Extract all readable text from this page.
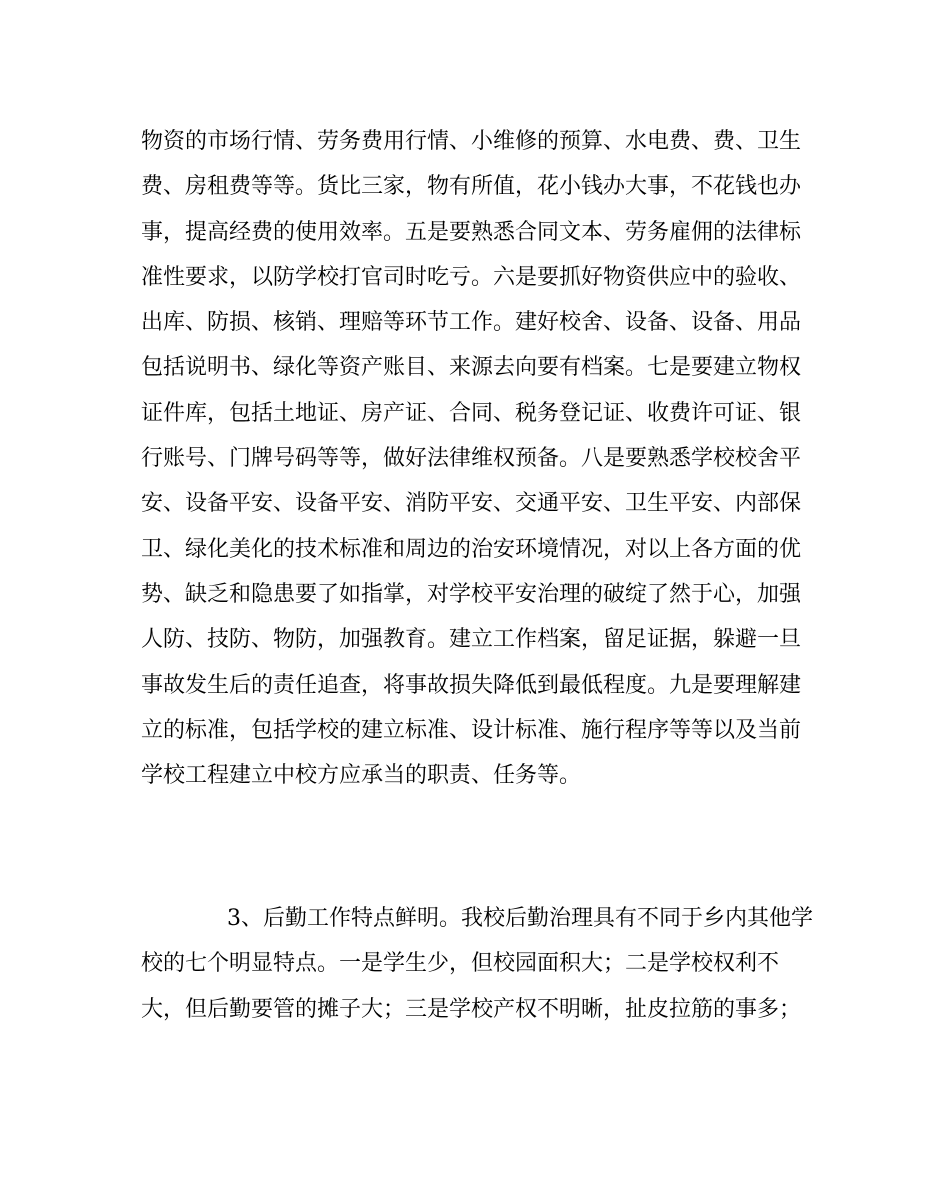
物资的市场行情、劳务费用行情、小维修的预算、水电费、费、卫生
费、房租费等等。货比三家，物有所值，花小钱办大事，不花钱也办
事，提高经费的使用效率。五是要熟悉合同文本、劳务雇佣的法律标
准性要求，以防学校打官司时吃亏。六是要抓好物资供应中的验收、
出库、防损、核销、理赔等环节工作。建好校舍、设备、设备、用品
包括说明书、绿化等资产账目、来源去向要有档案。七是要建立物权
证件库，包括土地证、房产证、合同、税务登记证、收费许可证、银
行账号、门牌号码等等，做好法律维权预备。八是要熟悉学校校舍平
安、设备平安、设备平安、消防平安、交通平安、卫生平安、内部保
卫、绿化美化的技术标准和周边的治安环境情况，对以上各方面的优
势、缺乏和隐患要了如指掌，对学校平安治理的破绽了然于心，加强
人防、技防、物防，加强教育。建立工作档案，留足证据，躲避一旦
事故发生后的责任追查，将事故损失降低到最低程度。九是要理解建
立的标准，包括学校的建立标准、设计标准、施行程序等等以及当前
学校工程建立中校方应承当的职责、任务等。
3、后勤工作特点鲜明。我校后勤治理具有不同于乡内其他学
校的七个明显特点。一是学生少，但校园面积大；二是学校权利不
大，但后勤要管的摊子大；三是学校产权不明晰，扯皮拉筋的事多；
